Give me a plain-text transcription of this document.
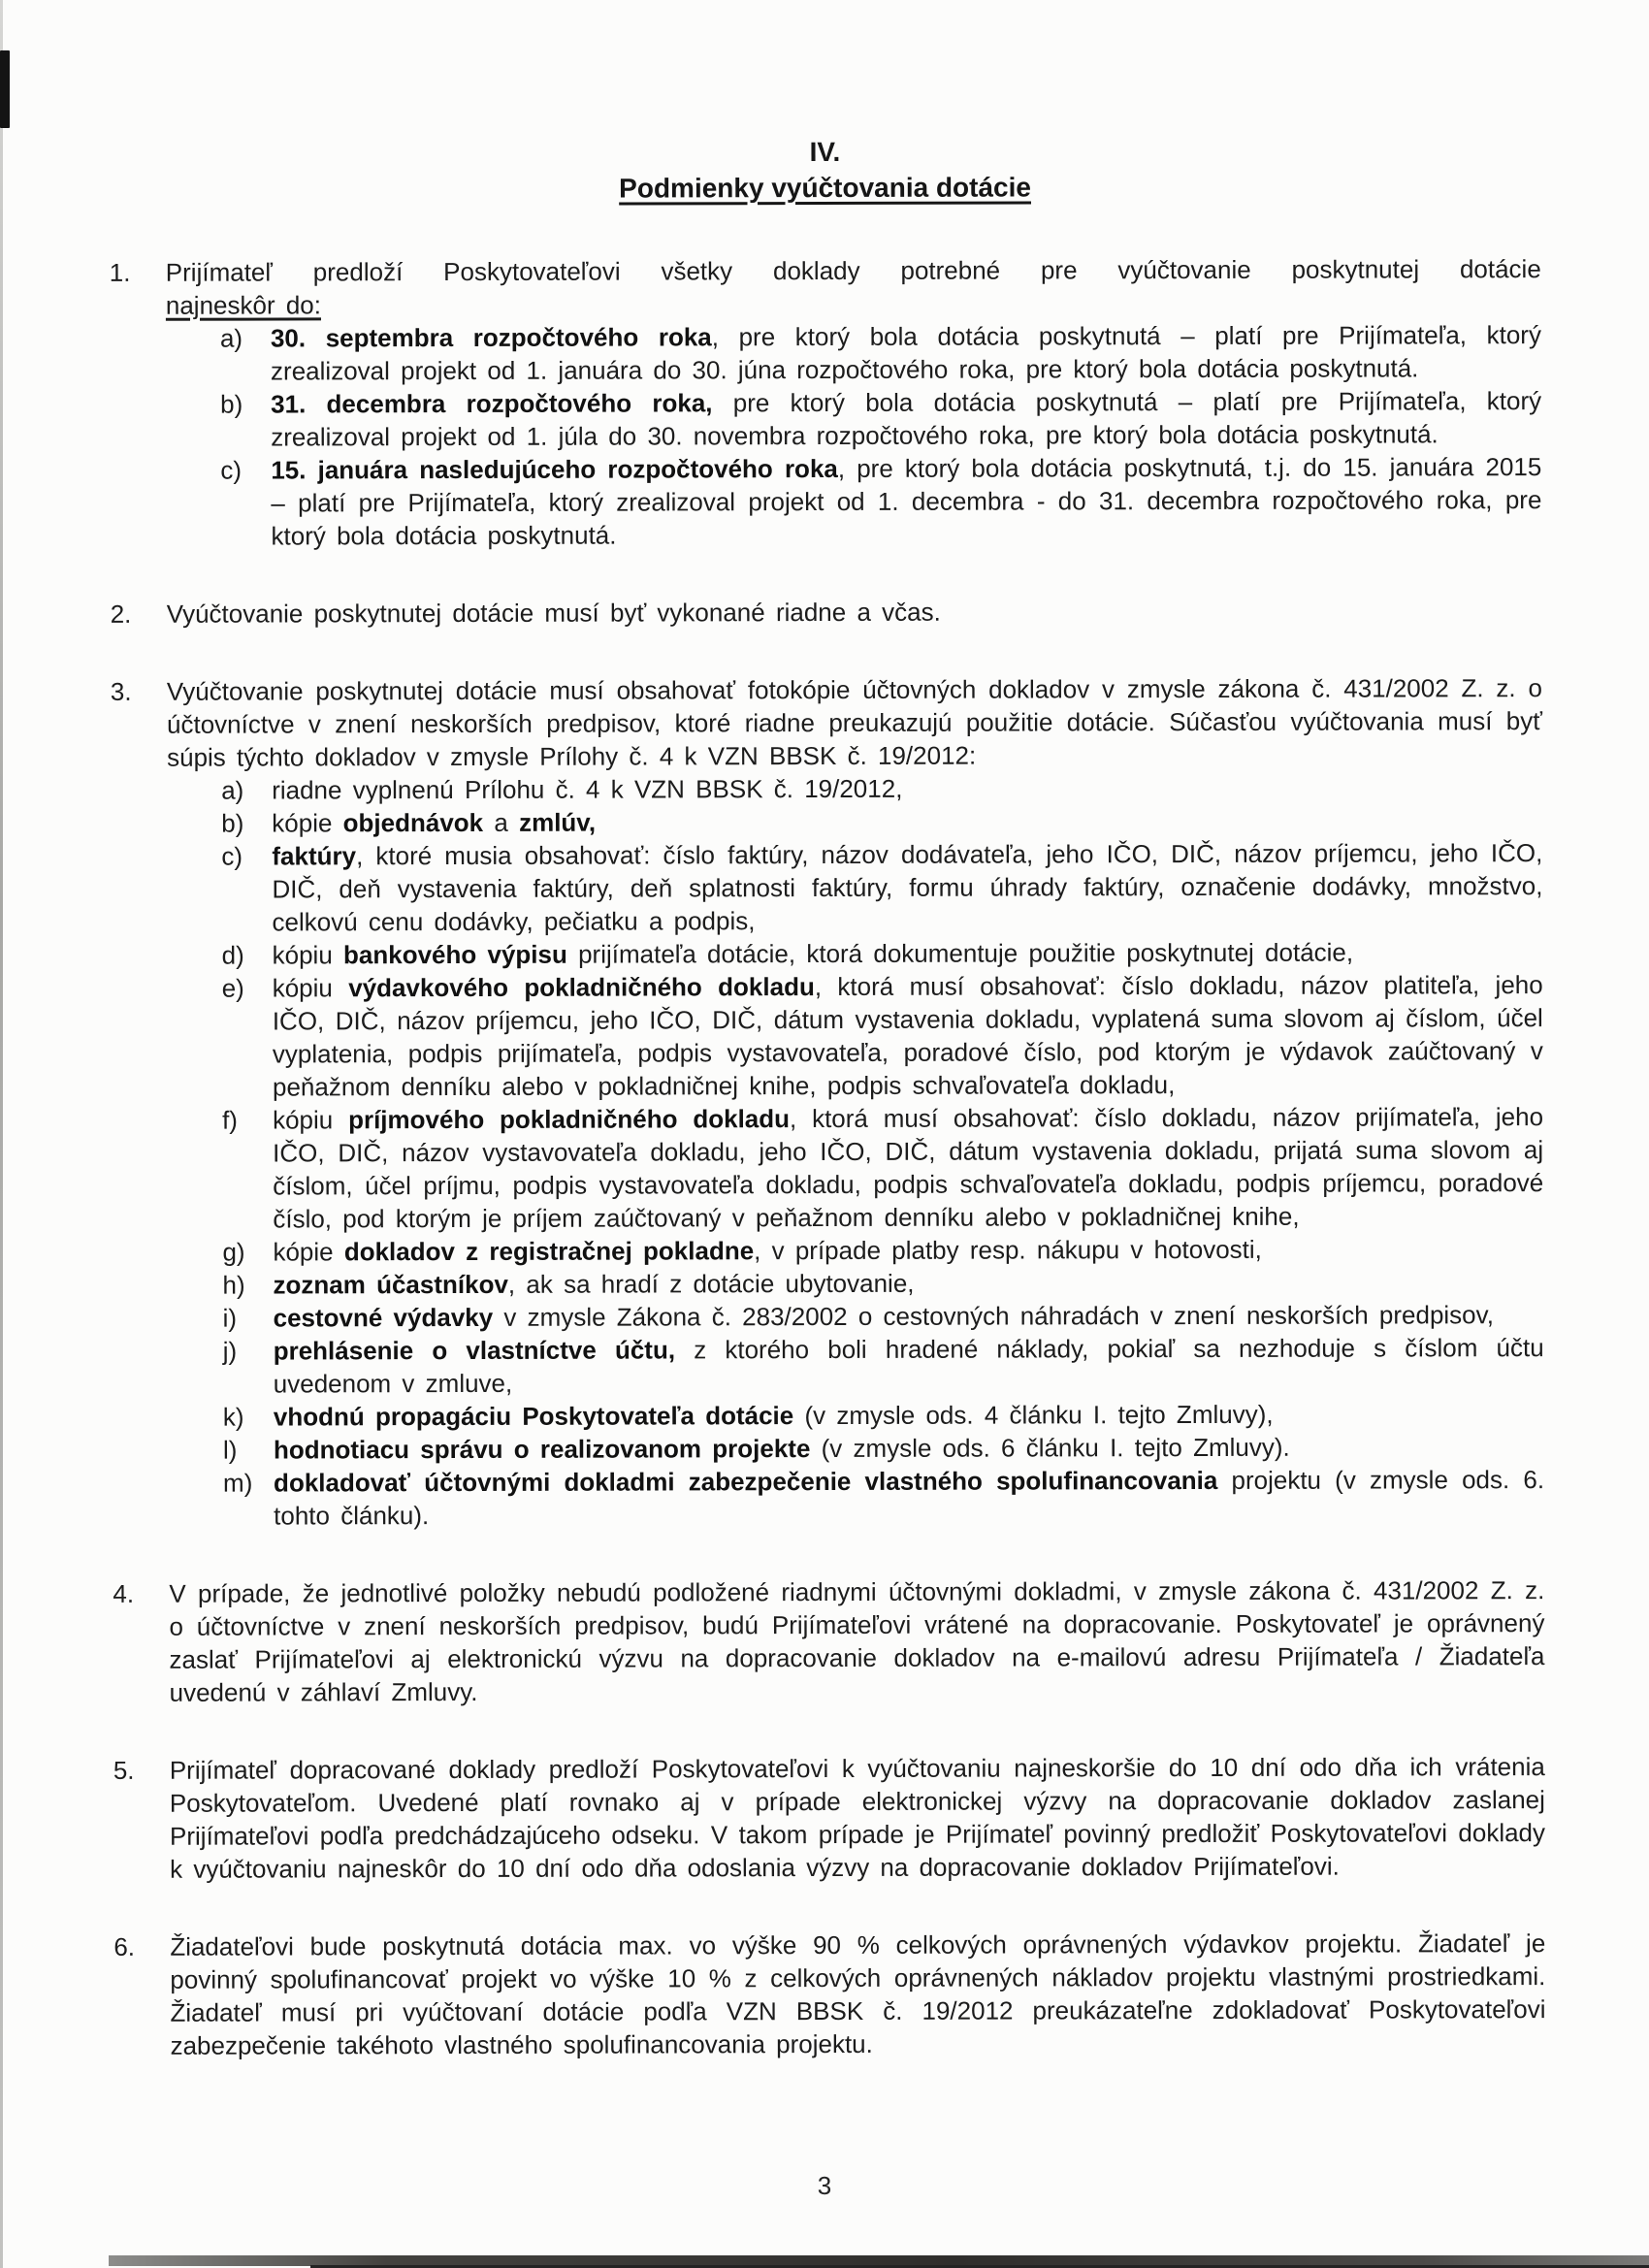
IV.
Podmienky vyúčtovania dotácie
1.	Prijímateľ predloží Poskytovateľovi všetky doklady potrebné pre vyúčtovanie poskytnutej dotácie
najneskôr do:

a)	30. septembra rozpočtového roka, pre ktorý bola dotácia poskytnutá – platí pre Prijímateľa, ktorý zrealizoval projekt od 1. januára do 30. júna rozpočtového roka, pre ktorý bola dotácia poskytnutá.

b)	31. decembra rozpočtového roka, pre ktorý bola dotácia poskytnutá – platí pre Prijímateľa, ktorý zrealizoval projekt od 1. júla do 30. novembra rozpočtového roka, pre ktorý bola dotácia poskytnutá.

c)	15. januára nasledujúceho rozpočtového roka, pre ktorý bola dotácia poskytnutá, t.j. do 15. januára 2015 – platí pre Prijímateľa, ktorý zrealizoval projekt od 1. decembra - do 31. decembra rozpočtového roka, pre ktorý bola dotácia poskytnutá.

2.	Vyúčtovanie poskytnutej dotácie musí byť vykonané riadne a včas.

3.	Vyúčtovanie poskytnutej dotácie musí obsahovať fotokópie účtovných dokladov v zmysle zákona č. 431/2002 Z. z. o účtovníctve v znení neskorších predpisov, ktoré riadne preukazujú použitie dotácie. Súčasťou vyúčtovania musí byť súpis týchto dokladov v zmysle Prílohy č. 4 k VZN BBSK č. 19/2012:

a)	riadne vyplnenú Prílohu č. 4 k VZN BBSK č. 19/2012,

b)	kópie objednávok a zmlúv,

c)	faktúry, ktoré musia obsahovať: číslo faktúry, názov dodávateľa, jeho IČO, DIČ, názov príjemcu, jeho IČO, DIČ, deň vystavenia faktúry, deň splatnosti faktúry, formu úhrady faktúry, označenie dodávky, množstvo, celkovú cenu dodávky, pečiatku a podpis,

d)	kópiu bankového výpisu prijímateľa dotácie, ktorá dokumentuje použitie poskytnutej dotácie,

e)	kópiu výdavkového pokladničného dokladu, ktorá musí obsahovať: číslo dokladu, názov platiteľa, jeho IČO, DIČ, názov príjemcu, jeho IČO, DIČ, dátum vystavenia dokladu, vyplatená suma slovom aj číslom, účel vyplatenia, podpis prijímateľa, podpis vystavovateľa, poradové číslo, pod ktorým je výdavok zaúčtovaný v peňažnom denníku alebo v pokladničnej knihe, podpis schvaľovateľa dokladu,

f)	kópiu príjmového pokladničného dokladu, ktorá musí obsahovať: číslo dokladu, názov prijímateľa, jeho IČO, DIČ, názov vystavovateľa dokladu, jeho IČO, DIČ, dátum vystavenia dokladu, prijatá suma slovom aj číslom, účel príjmu, podpis vystavovateľa dokladu, podpis schvaľovateľa dokladu, podpis príjemcu, poradové číslo, pod ktorým je príjem zaúčtovaný v peňažnom denníku alebo v pokladničnej knihe,

g)	kópie dokladov z registračnej pokladne, v prípade platby resp. nákupu v hotovosti,

h)	zoznam účastníkov, ak sa hradí z dotácie ubytovanie,

i)	cestovné výdavky v zmysle Zákona č. 283/2002 o cestovných náhradách v znení neskorších predpisov,

j)	prehlásenie o vlastníctve účtu, z ktorého boli hradené náklady, pokiaľ sa nezhoduje s číslom účtu uvedenom v zmluve,

k)	vhodnú propagáciu Poskytovateľa dotácie (v zmysle ods. 4 článku I. tejto Zmluvy),

l)	hodnotiacu správu o realizovanom projekte (v zmysle ods. 6 článku I. tejto Zmluvy).

m) dokladovať účtovnými dokladmi zabezpečenie vlastného spolufinancovania projektu (v zmysle ods. 6. tohto článku).

4.	V prípade, že jednotlivé položky nebudú podložené riadnymi účtovnými dokladmi, v zmysle zákona č. 431/2002 Z. z. o účtovníctve v znení neskorších predpisov, budú Prijímateľovi vrátené na dopracovanie. Poskytovateľ je oprávnený zaslať Prijímateľovi aj elektronickú výzvu na dopracovanie dokladov na e-mailovú adresu Prijímateľa / Žiadateľa uvedenú v záhlaví Zmluvy.

5.	Prijímateľ dopracované doklady predloží Poskytovateľovi k vyúčtovaniu najneskoršie do 10 dní odo dňa ich vrátenia Poskytovateľom. Uvedené platí rovnako aj v prípade elektronickej výzvy na dopracovanie dokladov zaslanej Prijímateľovi podľa predchádzajúceho odseku. V takom prípade je Prijímateľ povinný predložiť Poskytovateľovi doklady k vyúčtovaniu najneskôr do 10 dní odo dňa odoslania výzvy na dopracovanie dokladov Prijímateľovi.

6.	Žiadateľovi bude poskytnutá dotácia max. vo výške 90 % celkových oprávnených výdavkov projektu. Žiadateľ je povinný spolufinancovať projekt vo výške 10 % z celkových oprávnených nákladov projektu vlastnými prostriedkami. Žiadateľ musí pri vyúčtovaní dotácie podľa VZN BBSK č. 19/2012 preukázateľne zdokladovať Poskytovateľovi zabezpečenie takéhoto vlastného spolufinancovania projektu.

3
